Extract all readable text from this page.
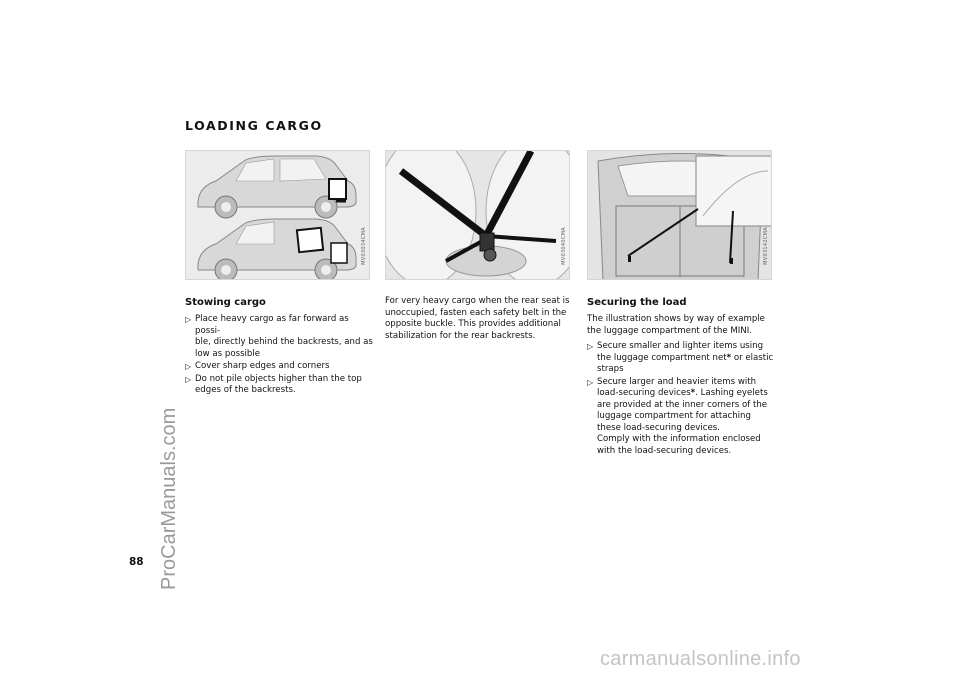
ProCarManuals.com
LOADING CARGO
MV03034CMA	MV03040CMA	MV03142CMA
Stowing cargo
▷ Place heavy cargo as far forward as possi-
ble, directly behind the backrests, and as
low as possible
▷ Cover sharp edges and corners
▷ Do not pile objects higher than the top
edges of the backrests.

For very heavy cargo when the rear seat is
unoccupied, fasten each safety belt in the
opposite buckle. This provides additional
stabilization for the rear backrests.

Securing the load

The illustration shows by way of example
the luggage compartment of the MINI.

▷ Secure smaller and lighter items using
the luggage compartment net* or elastic
straps
▷ Secure larger and heavier items with
load-securing devices*. Lashing eyelets
are provided at the inner corners of the
luggage compartment for attaching
these load-securing devices.
Comply with the information enclosed
with the load-securing devices.
88
carmanualsonline.info
